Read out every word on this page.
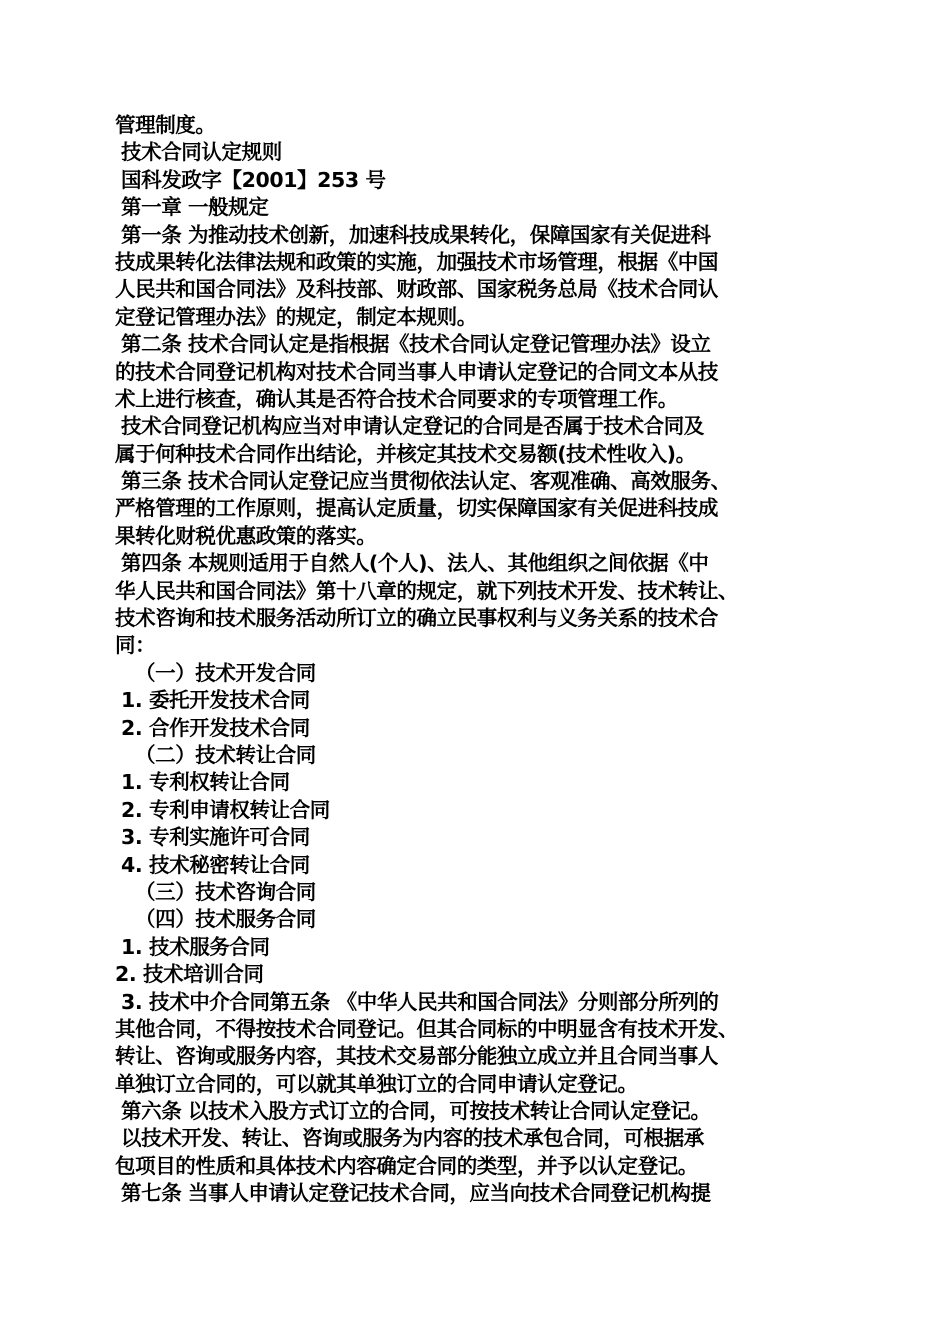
管理制度。
技术合同认定规则
国科发政字【2001】253 号
第一章 一般规定
第一条 为推动技术创新，加速科技成果转化，保障国家有关促进科
技成果转化法律法规和政策的实施，加强技术市场管理，根据《中国
人民共和国合同法》及科技部、财政部、国家税务总局《技术合同认
定登记管理办法》的规定，制定本规则。
第二条 技术合同认定是指根据《技术合同认定登记管理办法》设立
的技术合同登记机构对技术合同当事人申请认定登记的合同文本从技
术上进行核查，确认其是否符合技术合同要求的专项管理工作。
技术合同登记机构应当对申请认定登记的合同是否属于技术合同及
属于何种技术合同作出结论，并核定其技术交易额(技术性收入)。
第三条 技术合同认定登记应当贯彻依法认定、客观准确、高效服务、
严格管理的工作原则，提高认定质量，切实保障国家有关促进科技成
果转化财税优惠政策的落实。
第四条 本规则适用于自然人(个人)、法人、其他组织之间依据《中
华人民共和国合同法》第十八章的规定，就下列技术开发、技术转让、
技术咨询和技术服务活动所订立的确立民事权利与义务关系的技术合
同：
（一）技术开发合同
1. 委托开发技术合同
2. 合作开发技术合同
（二）技术转让合同
1. 专利权转让合同
2. 专利申请权转让合同
3. 专利实施许可合同
4. 技术秘密转让合同
（三）技术咨询合同
（四）技术服务合同
1. 技术服务合同
2. 技术培训合同
3. 技术中介合同第五条 《中华人民共和国合同法》分则部分所列的
其他合同，不得按技术合同登记。但其合同标的中明显含有技术开发、
转让、咨询或服务内容，其技术交易部分能独立成立并且合同当事人
单独订立合同的，可以就其单独订立的合同申请认定登记。
第六条 以技术入股方式订立的合同，可按技术转让合同认定登记。
以技术开发、转让、咨询或服务为内容的技术承包合同，可根据承
包项目的性质和具体技术内容确定合同的类型，并予以认定登记。
第七条 当事人申请认定登记技术合同，应当向技术合同登记机构提
